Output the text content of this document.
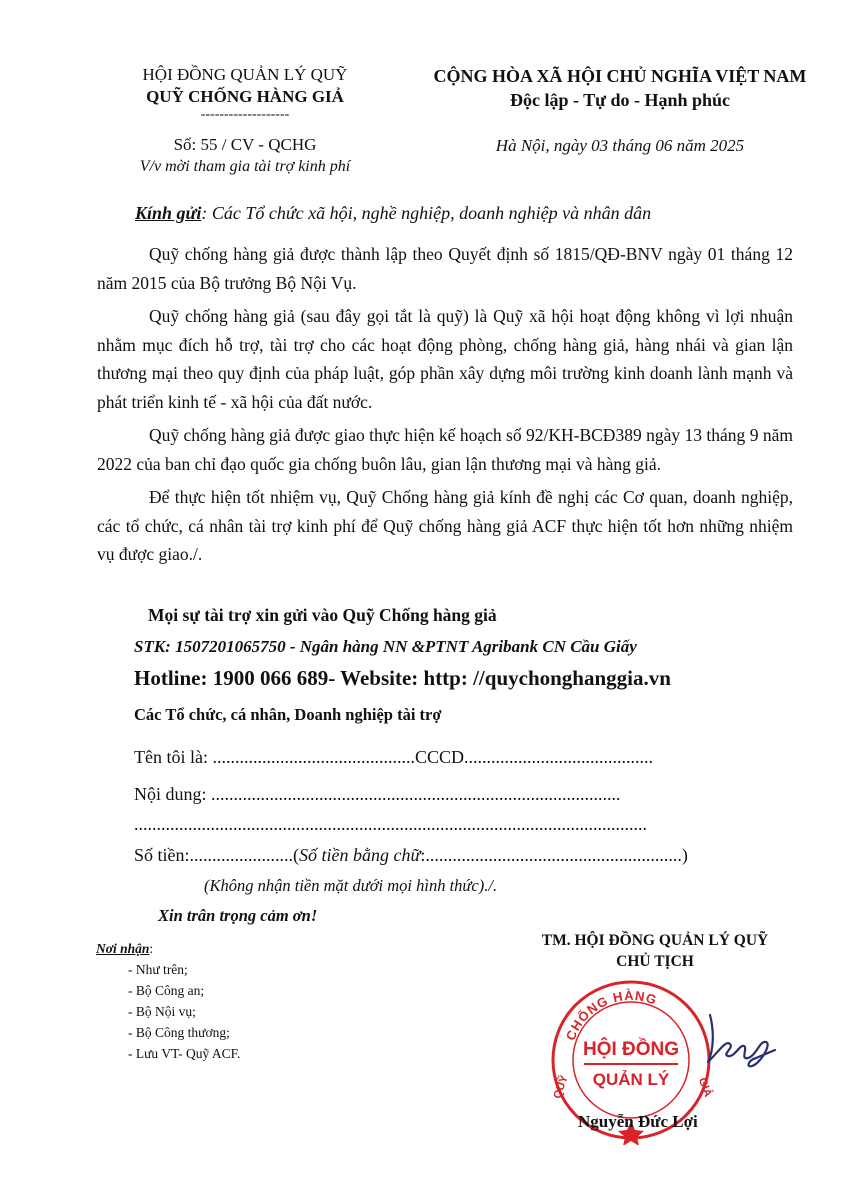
HỘI ĐỒNG QUẢN LÝ QUỸ
QUỸ CHỐNG HÀNG GIẢ
-------------------
Số: 55 / CV - QCHG
V/v mời tham gia tài trợ kinh phí
CỘNG HÒA XÃ HỘI CHỦ NGHĨA VIỆT NAM
Độc lập - Tự do - Hạnh phúc
Hà Nội, ngày 03 tháng 06 năm 2025
Kính gửi: Các Tổ chức xã hội, nghề nghiệp, doanh nghiệp và nhân dân

Quỹ chống hàng giả được thành lập theo Quyết định số 1815/QĐ-BNV ngày 01 tháng 12 năm 2015 của Bộ trưởng Bộ Nội Vụ.

Quỹ chống hàng giả (sau đây gọi tắt là quỹ) là Quỹ xã hội hoạt động không vì lợi nhuận nhằm mục đích hỗ trợ, tài trợ cho các hoạt động phòng, chống hàng giả, hàng nhái và gian lận thương mại theo quy định của pháp luật, góp phần xây dựng môi trường kinh doanh lành mạnh và phát triển kinh tế - xã hội của đất nước.

Quỹ chống hàng giả được giao thực hiện kế hoạch số 92/KH-BCĐ389 ngày 13 tháng 9 năm 2022 của ban chỉ đạo quốc gia chống buôn lâu, gian lận thương mại và hàng giả.

Để thực hiện tốt nhiệm vụ, Quỹ Chống hàng giả kính đề nghị các Cơ quan, doanh nghiệp, các tổ chức, cá nhân tài trợ kinh phí để Quỹ chống hàng giả ACF thực hiện tốt hơn những nhiệm vụ được giao./.

Mọi sự tài trợ xin gửi vào Quỹ Chống hàng giả
STK: 1507201065750 - Ngân hàng NN &PTNT Agribank CN Cầu Giấy
Hotline: 1900 066 689- Website: http: //quychonghanggia.vn
Các Tổ chức, cá nhân, Doanh nghiệp tài trợ
Tên tôi là: .............................................CCCD..........................................
Nội dung: ...........................................................................................
..................................................................................................................
Số tiền:.......................(Số tiền bằng chữ:.........................................................)
(Không nhận tiền mặt dưới mọi hình thức)./.
Xin trân trọng cảm ơn!
Nơi nhận:
- Như trên;
- Bộ Công an;
- Bộ Nội vụ;
- Bộ Công thương;
- Lưu VT- Quỹ ACF.
TM. HỘI ĐỒNG QUẢN LÝ QUỸ
CHỦ TỊCH
CHỐNG HÀNG
QUỸ	GIẢ
HỘI ĐỒNG
QUẢN LÝ
Nguyễn Đức Lợi
